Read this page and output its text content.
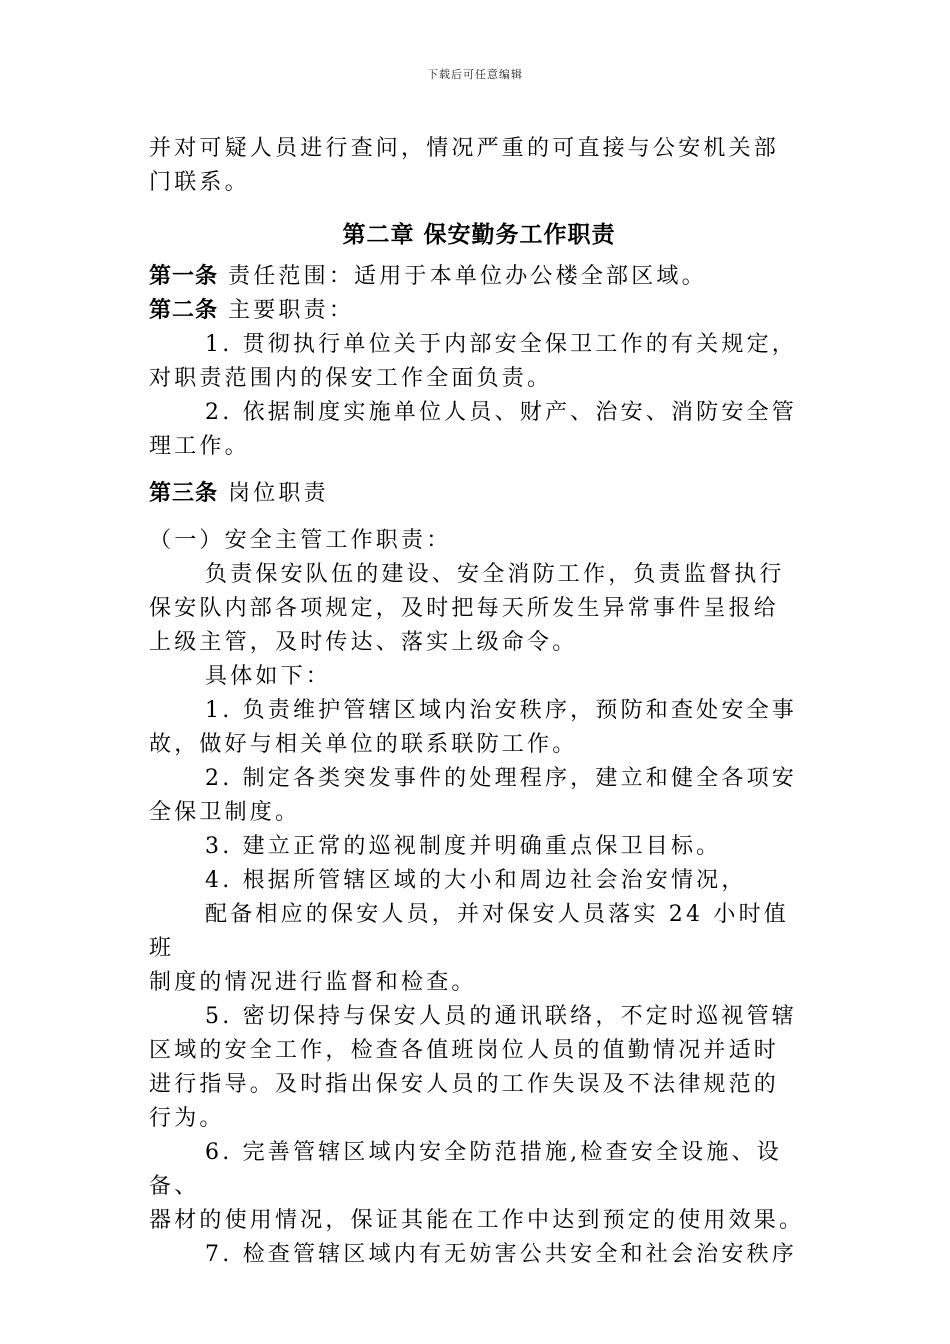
下载后可任意编辑

并对可疑人员进行查问，情况严重的可直接与公安机关部

门联系。

第二章 保安勤务工作职责

第一条 责任范围：适用于本单位办公楼全部区域。

第二条 主要职责：

1. 贯彻执行单位关于内部安全保卫工作的有关规定，

对职责范围内的保安工作全面负责。

2. 依据制度实施单位人员、财产、治安、消防安全管

理工作。

第三条 岗位职责

（一）安全主管工作职责：

负责保安队伍的建设、安全消防工作，负责监督执行

保安队内部各项规定，及时把每天所发生异常事件呈报给

上级主管，及时传达、落实上级命令。

具体如下：

1. 负责维护管辖区域内治安秩序，预防和查处安全事

故，做好与相关单位的联系联防工作。

2. 制定各类突发事件的处理程序，建立和健全各项安

全保卫制度。

3. 建立正常的巡视制度并明确重点保卫目标。

4. 根据所管辖区域的大小和周边社会治安情况，

配备相应的保安人员，并对保安人员落实 24 小时值班

制度的情况进行监督和检查。

5. 密切保持与保安人员的通讯联络，不定时巡视管辖

区域的安全工作，检查各值班岗位人员的值勤情况并适时

进行指导。及时指出保安人员的工作失误及不法律规范的

行为。

6. 完善管辖区域内安全防范措施,检查安全设施、设备、

器材的使用情况，保证其能在工作中达到预定的使用效果。

7. 检查管辖区域内有无妨害公共安全和社会治安秩序
